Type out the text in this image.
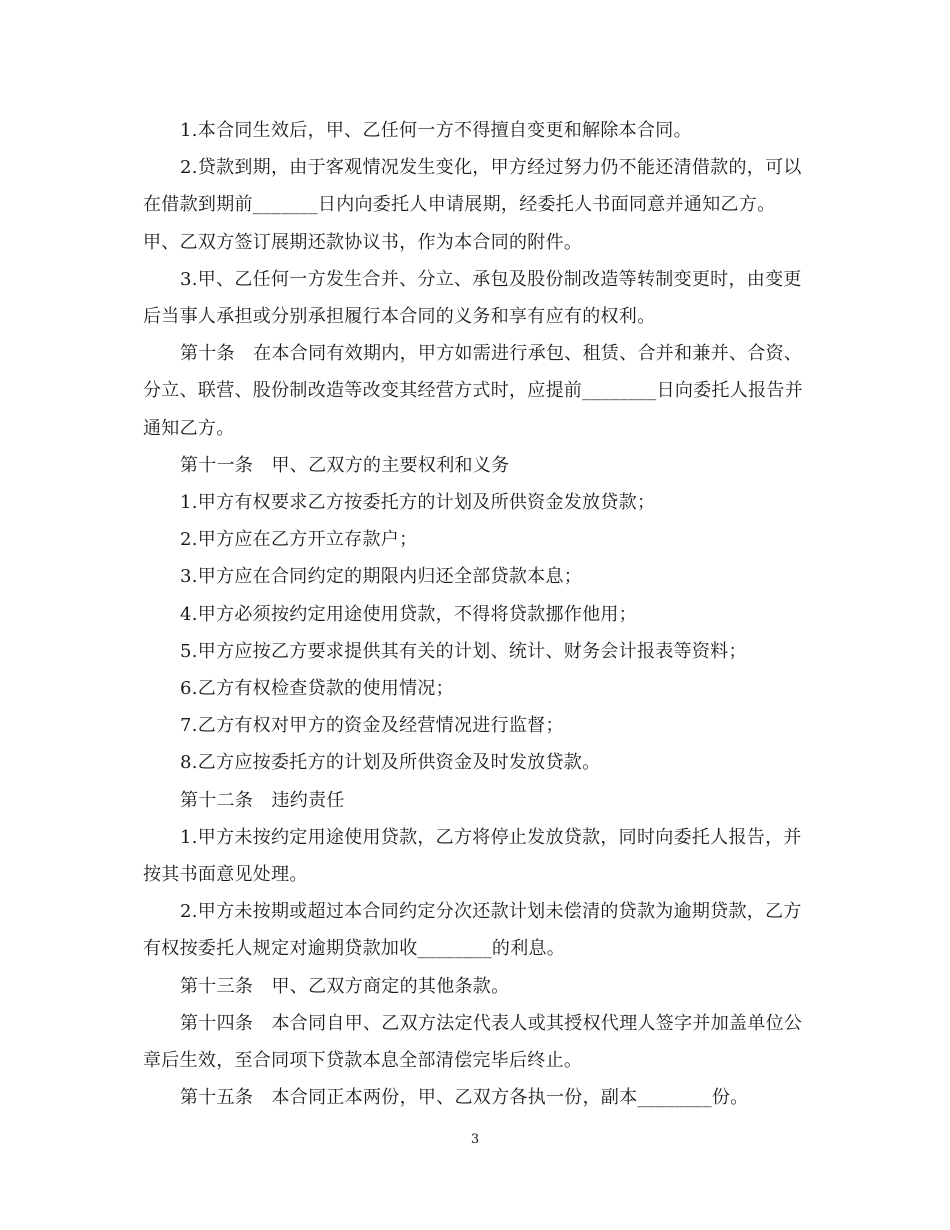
1.本合同生效后，甲、乙任何一方不得擅自变更和解除本合同。

2.贷款到期，由于客观情况发生变化，甲方经过努力仍不能还清借款的，可以在借款到期前_______日内向委托人申请展期，经委托人书面同意并通知乙方。甲、乙双方签订展期还款协议书，作为本合同的附件。

3.甲、乙任何一方发生合并、分立、承包及股份制改造等转制变更时，由变更后当事人承担或分别承担履行本合同的义务和享有应有的权利。

第十条　在本合同有效期内，甲方如需进行承包、租赁、合并和兼并、合资、分立、联营、股份制改造等改变其经营方式时，应提前________日向委托人报告并通知乙方。

第十一条　甲、乙双方的主要权利和义务

1.甲方有权要求乙方按委托方的计划及所供资金发放贷款；

2.甲方应在乙方开立存款户；

3.甲方应在合同约定的期限内归还全部贷款本息；

4.甲方必须按约定用途使用贷款，不得将贷款挪作他用；

5.甲方应按乙方要求提供其有关的计划、统计、财务会计报表等资料；

6.乙方有权检查贷款的使用情况；

7.乙方有权对甲方的资金及经营情况进行监督；

8.乙方应按委托方的计划及所供资金及时发放贷款。

第十二条　违约责任

1.甲方未按约定用途使用贷款，乙方将停止发放贷款，同时向委托人报告，并按其书面意见处理。

2.甲方未按期或超过本合同约定分次还款计划未偿清的贷款为逾期贷款，乙方有权按委托人规定对逾期贷款加收________的利息。

第十三条　甲、乙双方商定的其他条款。

第十四条　本合同自甲、乙双方法定代表人或其授权代理人签字并加盖单位公章后生效，至合同项下贷款本息全部清偿完毕后终止。

第十五条　本合同正本两份，甲、乙双方各执一份，副本________份。

3
